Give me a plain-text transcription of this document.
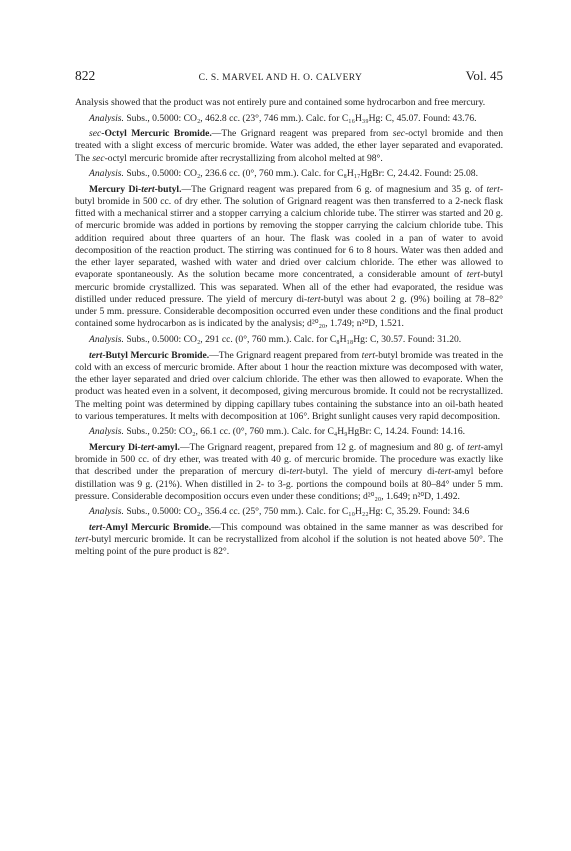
822	C. S. MARVEL AND H. O. CALVERY	Vol. 45

Analysis showed that the product was not entirely pure and contained some hydrocarbon and free mercury.

Analysis. Subs., 0.5000: CO₂, 462.8 cc. (23°, 746 mm.). Calc. for C₁₆H₃₉Hg: C, 45.07. Found: 43.76.

sec-Octyl Mercuric Bromide.—The Grignard reagent was prepared from sec-octyl bromide and then treated with a slight excess of mercuric bromide. Water was added, the ether layer separated and evaporated. The sec-octyl mercuric bromide after recrystallizing from alcohol melted at 98°.

Analysis. Subs., 0.5000: CO₂, 236.6 cc. (0°, 760 mm.). Calc. for C₈H₁₇HgBr: C, 24.42. Found: 25.08.

Mercury Di-tert-butyl.—The Grignard reagent was prepared from 6 g. of magnesium and 35 g. of tert-butyl bromide in 500 cc. of dry ether. The solution of Grignard reagent was then transferred to a 2-neck flask fitted with a mechanical stirrer and a stopper carrying a calcium chloride tube. The stirrer was started and 20 g. of mercuric bromide was added in portions by removing the stopper carrying the calcium chloride tube. This addition required about three quarters of an hour. The flask was cooled in a pan of water to avoid decomposition of the reaction product. The stirring was continued for 6 to 8 hours. Water was then added and the ether layer separated, washed with water and dried over calcium chloride. The ether was allowed to evaporate spontaneously. As the solution became more concentrated, a considerable amount of tert-butyl mercuric bromide crystallized. This was separated. When all of the ether had evaporated, the residue was distilled under reduced pressure. The yield of mercury di-tert-butyl was about 2 g. (9%) boiling at 78–82° under 5 mm. pressure. Considerable decomposition occurred even under these conditions and the final product contained some hydrocarbon as is indicated by the analysis; d²⁰₂₀, 1.749; n²⁰D, 1.521.

Analysis. Subs., 0.5000: CO₂, 291 cc. (0°, 760 mm.). Calc. for C₈H₁₈Hg: C, 30.57. Found: 31.20.

tert-Butyl Mercuric Bromide.—The Grignard reagent prepared from tert-butyl bromide was treated in the cold with an excess of mercuric bromide. After about 1 hour the reaction mixture was decomposed with water, the ether layer separated and dried over calcium chloride. The ether was then allowed to evaporate. When the product was heated even in a solvent, it decomposed, giving mercurous bromide. It could not be recrystallized. The melting point was determined by dipping capillary tubes containing the substance into an oil-bath heated to various temperatures. It melts with decomposition at 106°. Bright sunlight causes very rapid decomposition.

Analysis. Subs., 0.250: CO₂, 66.1 cc. (0°, 760 mm.). Calc. for C₄H₉HgBr: C, 14.24. Found: 14.16.

Mercury Di-tert-amyl.—The Grignard reagent, prepared from 12 g. of magnesium and 80 g. of tert-amyl bromide in 500 cc. of dry ether, was treated with 40 g. of mercuric bromide. The procedure was exactly like that described under the preparation of mercury di-tert-butyl. The yield of mercury di-tert-amyl before distillation was 9 g. (21%). When distilled in 2- to 3-g. portions the compound boils at 80–84° under 5 mm. pressure. Considerable decomposition occurs even under these conditions; d²⁰₂₀, 1.649; n²⁰D, 1.492.

Analysis. Subs., 0.5000: CO₂, 356.4 cc. (25°, 750 mm.). Calc. for C₁₀H₂₂Hg: C, 35.29. Found: 34.6

tert-Amyl Mercuric Bromide.—This compound was obtained in the same manner as was described for tert-butyl mercuric bromide. It can be recrystallized from alcohol if the solution is not heated above 50°. The melting point of the pure product is 82°.
